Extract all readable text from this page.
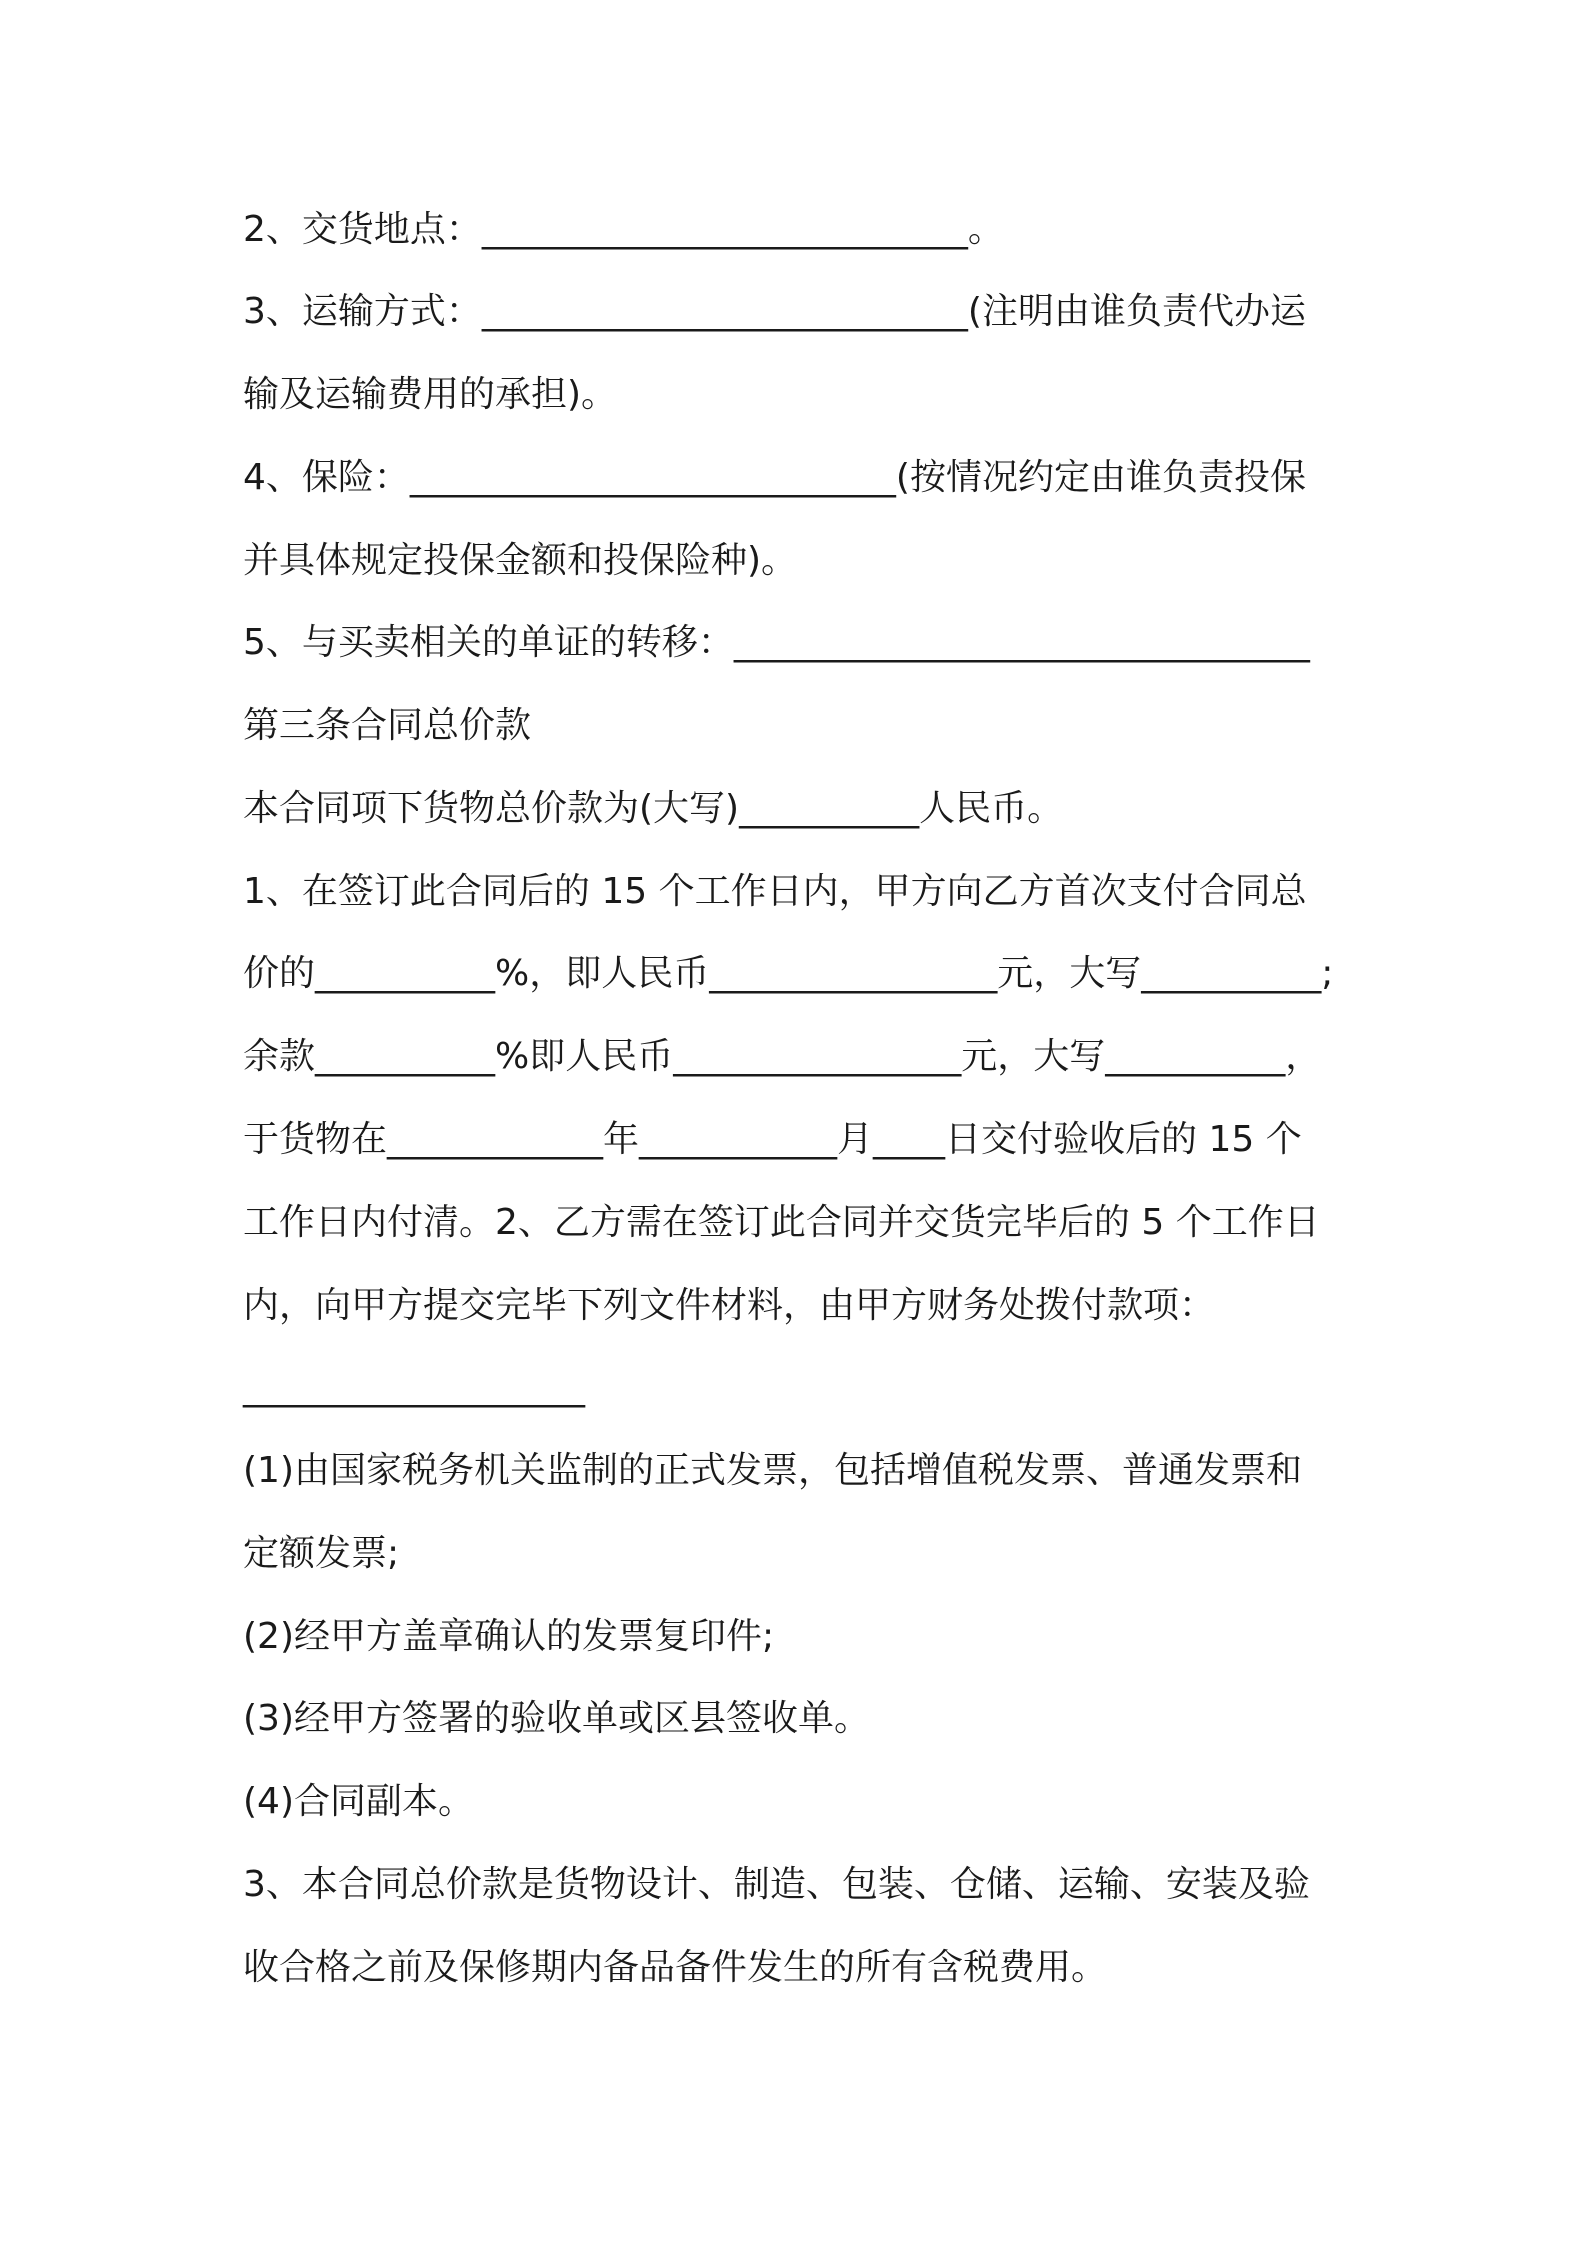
2、交货地点：___________________________。
3、运输方式：___________________________(注明由谁负责代办运
输及运输费用的承担)。
4、保险：___________________________(按情况约定由谁负责投保
并具体规定投保金额和投保险种)。
5、与买卖相关的单证的转移：________________________________
第三条合同总价款
本合同项下货物总价款为(大写)__________人民币。
1、在签订此合同后的 15 个工作日内，甲方向乙方首次支付合同总
价的__________%，即人民币________________元，大写__________;
余款__________%即人民币________________元，大写__________，
于货物在____________年___________月____日交付验收后的 15 个
工作日内付清。2、乙方需在签订此合同并交货完毕后的 5 个工作日
内，向甲方提交完毕下列文件材料，由甲方财务处拨付款项：
___________________
(1)由国家税务机关监制的正式发票，包括增值税发票、普通发票和
定额发票;
(2)经甲方盖章确认的发票复印件;
(3)经甲方签署的验收单或区县签收单。
(4)合同副本。
3、本合同总价款是货物设计、制造、包装、仓储、运输、安装及验
收合格之前及保修期内备品备件发生的所有含税费用。
